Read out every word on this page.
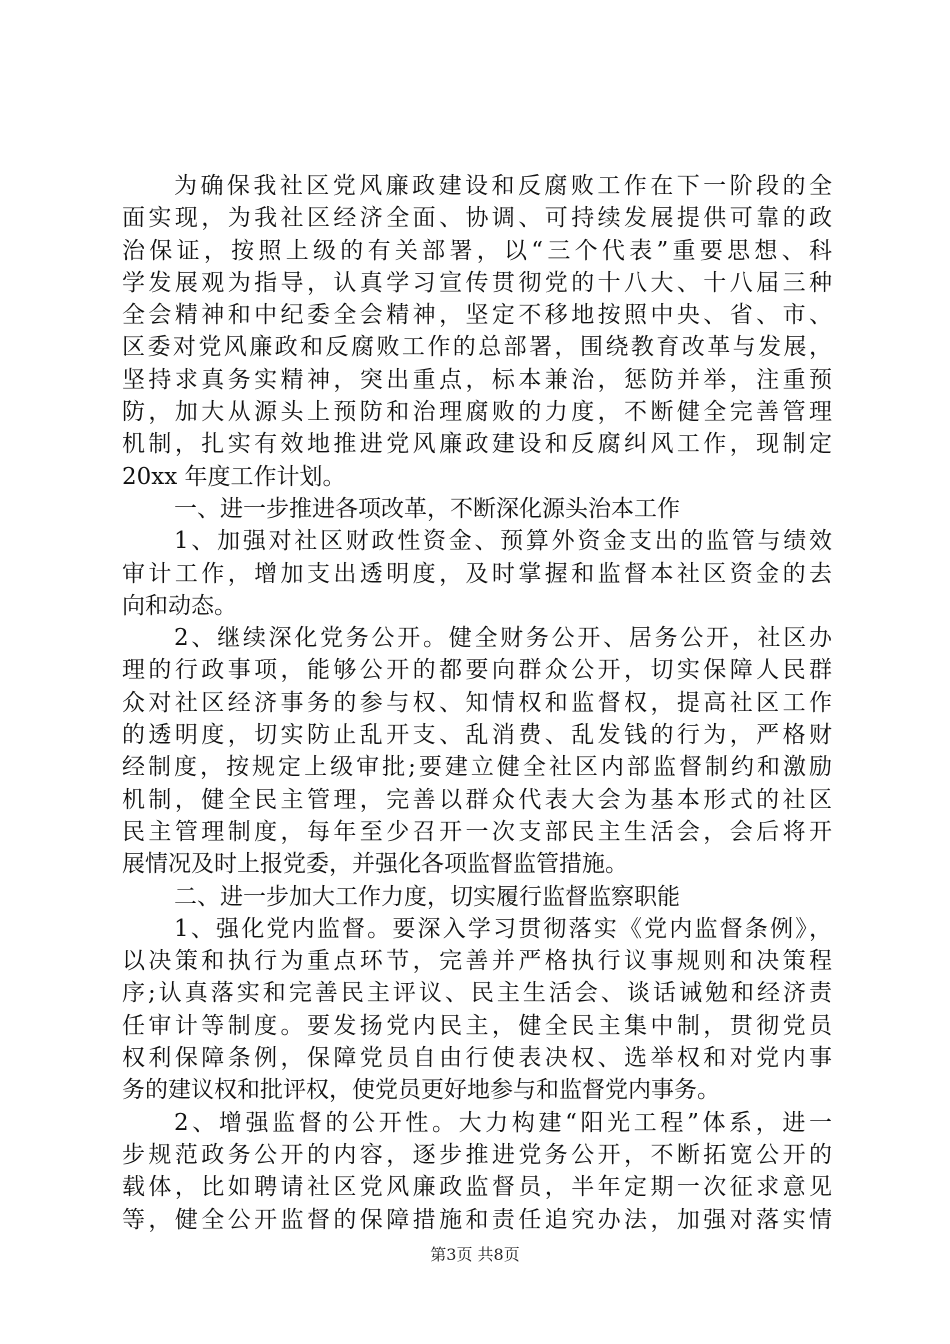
为确保我社区党风廉政建设和反腐败工作在下一阶段的全
面实现，为我社区经济全面、协调、可持续发展提供可靠的政
治保证，按照上级的有关部署，以“三个代表”重要思想、科
学发展观为指导，认真学习宣传贯彻党的十八大、十八届三种
全会精神和中纪委全会精神，坚定不移地按照中央、省、市、
区委对党风廉政和反腐败工作的总部署，围绕教育改革与发展，
坚持求真务实精神，突出重点，标本兼治，惩防并举，注重预
防，加大从源头上预防和治理腐败的力度，不断健全完善管理
机制，扎实有效地推进党风廉政建设和反腐纠风工作，现制定
20xx 年度工作计划。
一、进一步推进各项改革，不断深化源头治本工作
1、加强对社区财政性资金、预算外资金支出的监管与绩效
审计工作，增加支出透明度，及时掌握和监督本社区资金的去
向和动态。
2、继续深化党务公开。健全财务公开、居务公开，社区办
理的行政事项，能够公开的都要向群众公开，切实保障人民群
众对社区经济事务的参与权、知情权和监督权，提高社区工作
的透明度，切实防止乱开支、乱消费、乱发钱的行为，严格财
经制度，按规定上级审批;要建立健全社区内部监督制约和激励
机制，健全民主管理，完善以群众代表大会为基本形式的社区
民主管理制度，每年至少召开一次支部民主生活会，会后将开
展情况及时上报党委，并强化各项监督监管措施。
二、进一步加大工作力度，切实履行监督监察职能
1、强化党内监督。要深入学习贯彻落实《党内监督条例》，
以决策和执行为重点环节，完善并严格执行议事规则和决策程
序;认真落实和完善民主评议、民主生活会、谈话诫勉和经济责
任审计等制度。要发扬党内民主，健全民主集中制，贯彻党员
权利保障条例，保障党员自由行使表决权、选举权和对党内事
务的建议权和批评权，使党员更好地参与和监督党内事务。
2、增强监督的公开性。大力构建“阳光工程”体系，进一
步规范政务公开的内容，逐步推进党务公开，不断拓宽公开的
载体，比如聘请社区党风廉政监督员，半年定期一次征求意见
等，健全公开监督的保障措施和责任追究办法，加强对落实情
第3页 共8页
